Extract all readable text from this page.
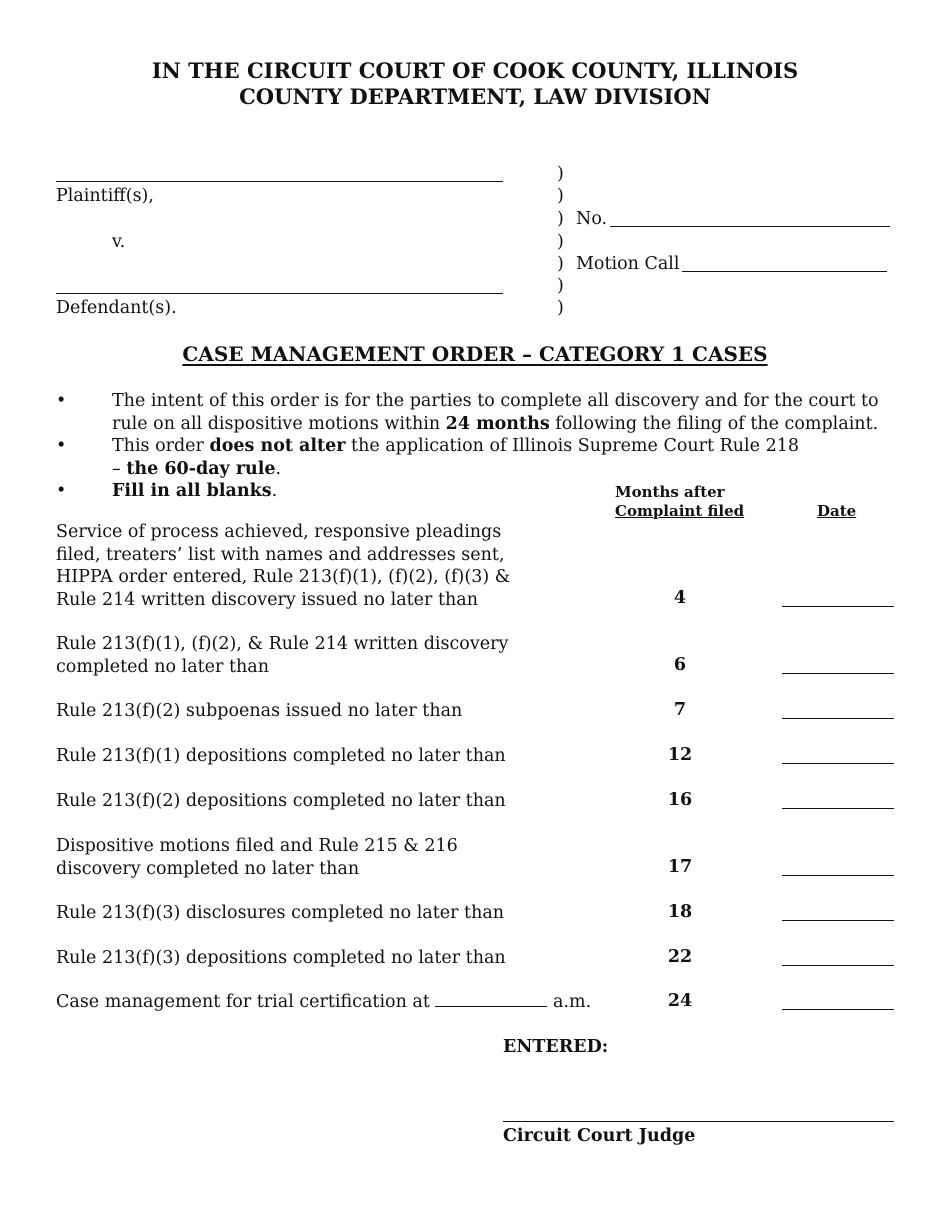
IN THE CIRCUIT COURT OF COOK COUNTY, ILLINOIS
COUNTY DEPARTMENT, LAW DIVISION
Plaintiff(s),
v.
Defendant(s).
)
)
)
)
)
)
)
No.
Motion Call
CASE MANAGEMENT ORDER – CATEGORY 1 CASES
•	The intent of this order is for the parties to complete all discovery and for the court to rule on all dispositive motions within 24 months following the filing of the complaint.
•	This order does not alter the application of Illinois Supreme Court Rule 218 – the 60-day rule.
•	Fill in all blanks.	Months after
Complaint filed	Date
Service of process achieved, responsive pleadings filed, treaters’ list with names and addresses sent, HIPPA order entered, Rule 213(f)(1), (f)(2), (f)(3) & Rule 214 written discovery issued no later than	4
Rule 213(f)(1), (f)(2), & Rule 214 written discovery completed no later than	6
Rule 213(f)(2) subpoenas issued no later than	7
Rule 213(f)(1) depositions completed no later than	12
Rule 213(f)(2) depositions completed no later than	16
Dispositive motions filed and Rule 215 & 216 discovery completed no later than	17
Rule 213(f)(3) disclosures completed no later than	18
Rule 213(f)(3) depositions completed no later than	22
Case management for trial certification at	a.m.	24
ENTERED:
Circuit Court Judge
